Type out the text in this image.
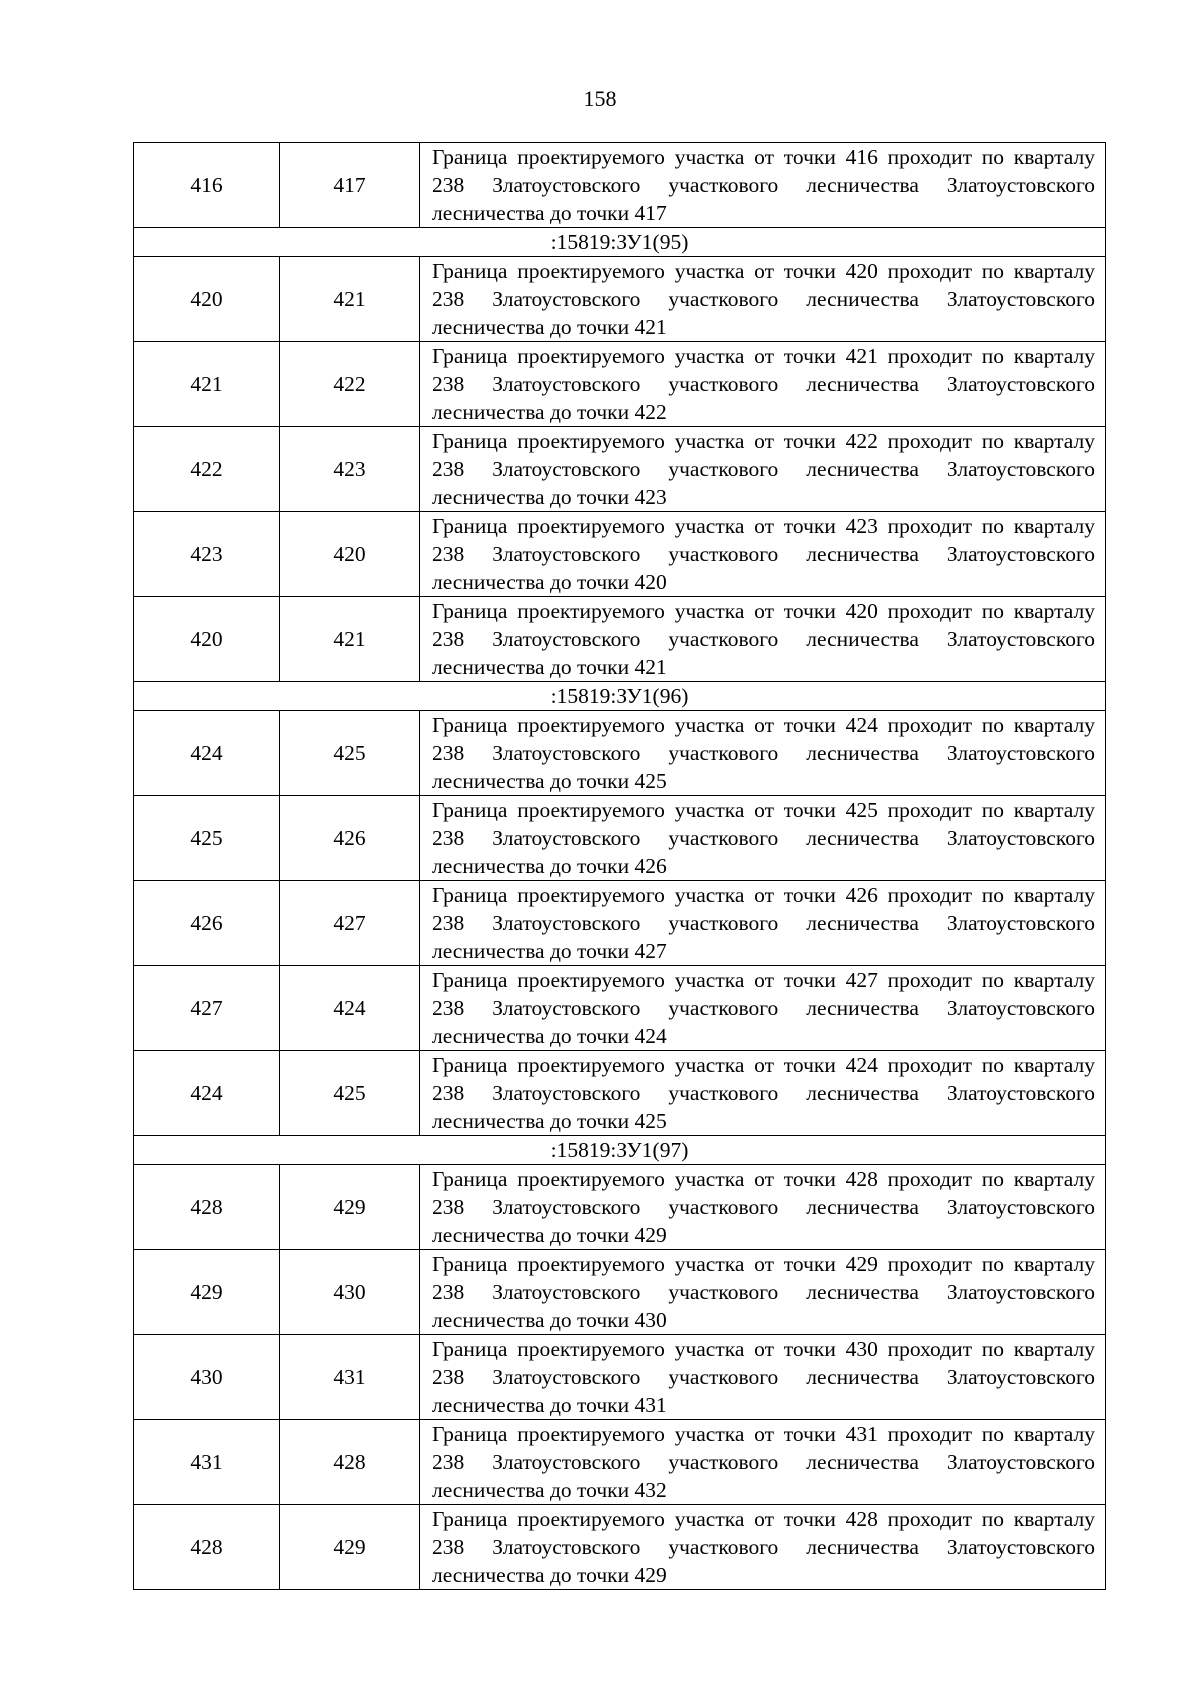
158
416	417	Граница проектируемого участка от точки 416 проходит по кварталу 238 Златоустовского участкового лесничества Златоустовского лесничества до точки 417
:15819:ЗУ1(95)		
420	421	Граница проектируемого участка от точки 420 проходит по кварталу 238 Златоустовского участкового лесничества Златоустовского лесничества до точки 421
421	422	Граница проектируемого участка от точки 421 проходит по кварталу 238 Златоустовского участкового лесничества Златоустовского лесничества до точки 422
422	423	Граница проектируемого участка от точки 422 проходит по кварталу 238 Златоустовского участкового лесничества Златоустовского лесничества до точки 423
423	420	Граница проектируемого участка от точки 423 проходит по кварталу 238 Златоустовского участкового лесничества Златоустовского лесничества до точки 420
420	421	Граница проектируемого участка от точки 420 проходит по кварталу 238 Златоустовского участкового лесничества Златоустовского лесничества до точки 421
:15819:ЗУ1(96)		
424	425	Граница проектируемого участка от точки 424 проходит по кварталу 238 Златоустовского участкового лесничества Златоустовского лесничества до точки 425
425	426	Граница проектируемого участка от точки 425 проходит по кварталу 238 Златоустовского участкового лесничества Златоустовского лесничества до точки 426
426	427	Граница проектируемого участка от точки 426 проходит по кварталу 238 Златоустовского участкового лесничества Златоустовского лесничества до точки 427
427	424	Граница проектируемого участка от точки 427 проходит по кварталу 238 Златоустовского участкового лесничества Златоустовского лесничества до точки 424
424	425	Граница проектируемого участка от точки 424 проходит по кварталу 238 Златоустовского участкового лесничества Златоустовского лесничества до точки 425
:15819:ЗУ1(97)		
428	429	Граница проектируемого участка от точки 428 проходит по кварталу 238 Златоустовского участкового лесничества Златоустовского лесничества до точки 429
429	430	Граница проектируемого участка от точки 429 проходит по кварталу 238 Златоустовского участкового лесничества Златоустовского лесничества до точки 430
430	431	Граница проектируемого участка от точки 430 проходит по кварталу 238 Златоустовского участкового лесничества Златоустовского лесничества до точки 431
431	428	Граница проектируемого участка от точки 431 проходит по кварталу 238 Златоустовского участкового лесничества Златоустовского лесничества до точки 432
428	429	Граница проектируемого участка от точки 428 проходит по кварталу 238 Златоустовского участкового лесничества Златоустовского лесничества до точки 429
